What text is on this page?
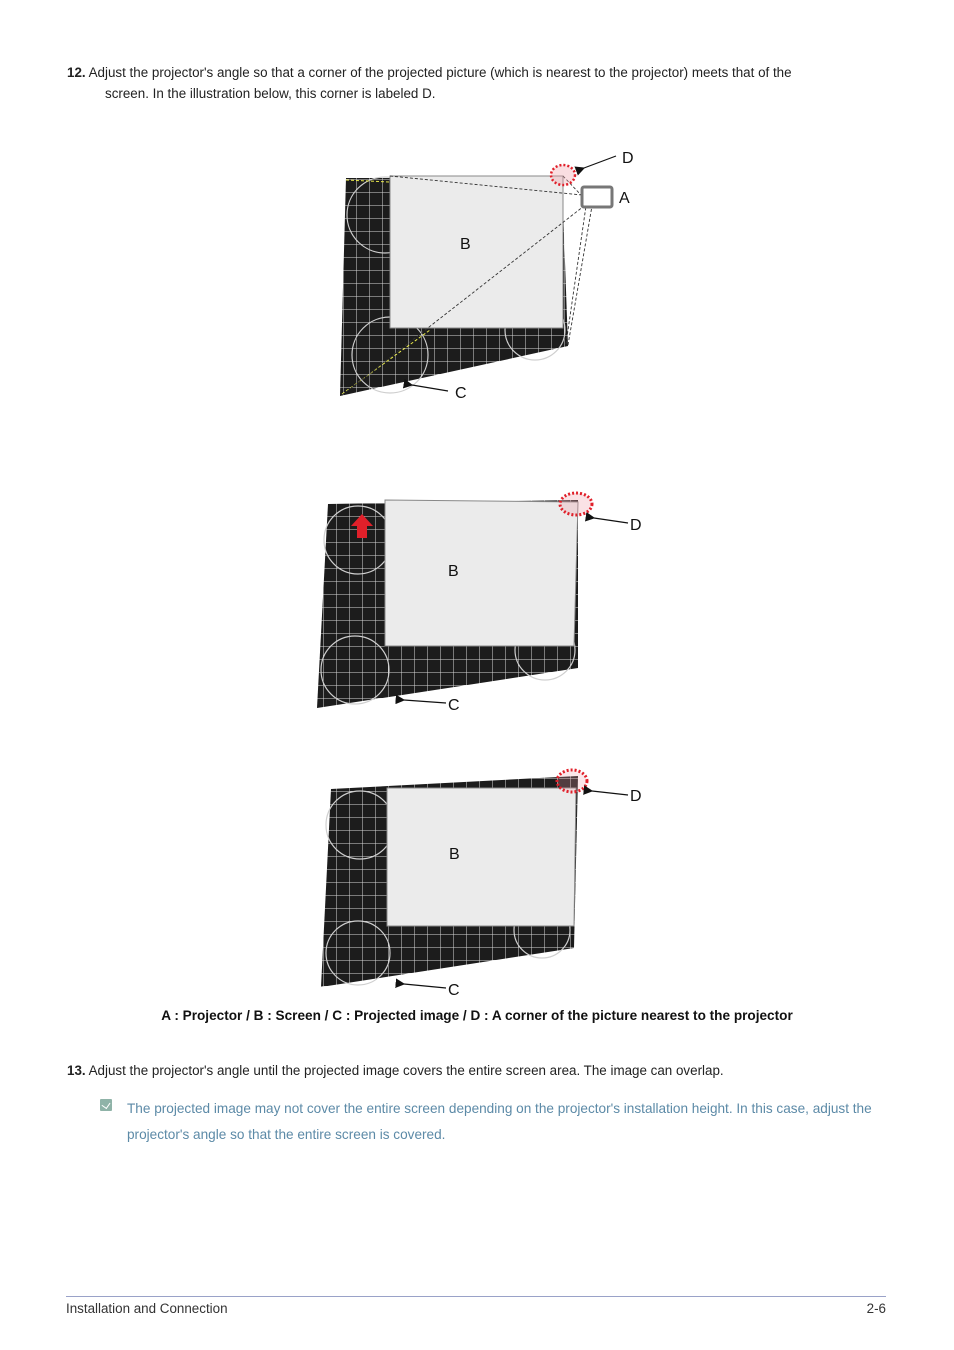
12. Adjust the projector's angle so that a corner of the projected picture (which is nearest to the projector) meets that of the
screen. In the illustration below, this corner is labeled D.
D
A
B
C
D
B
C
D
B
C
A : Projector / B : Screen / C : Projected image / D : A corner of the picture nearest to the projector
13. Adjust the projector's angle until the projected image covers the entire screen area. The image can overlap.
The projected image may not cover the entire screen depending on the projector's installation height. In this case, adjust the projector's angle so that the entire screen is covered.
Installation and Connection	2-6
